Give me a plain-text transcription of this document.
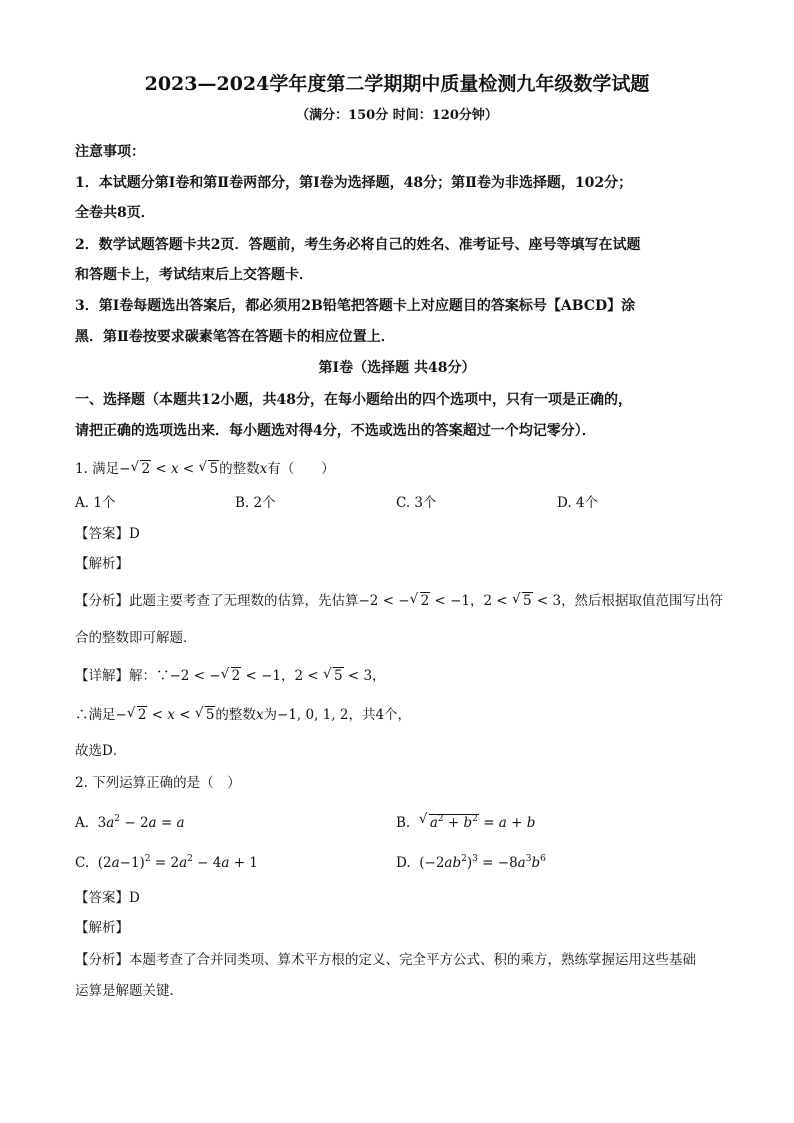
2023—2024学年度第二学期期中质量检测九年级数学试题
（满分：150分 时间：120分钟）
注意事项：
1．本试题分第Ⅰ卷和第Ⅱ卷两部分，第Ⅰ卷为选择题，48分；第Ⅱ卷为非选择题，102分；
全卷共8页．
2．数学试题答题卡共2页．答题前，考生务必将自己的姓名、准考证号、座号等填写在试题
和答题卡上，考试结束后上交答题卡．
3．第Ⅰ卷每题选出答案后，都必须用2B铅笔把答题卡上对应题目的答案标号【ABCD】涂
黑．第Ⅱ卷按要求碳素笔答在答题卡的相应位置上．
第Ⅰ卷（选择题 共48分）
一、选择题（本题共12小题，共48分，在每小题给出的四个选项中，只有一项是正确的，
请把正确的选项选出来．每小题选对得4分，不选或选出的答案超过一个均记零分）．
1. 满足− √ 2 < x < √ 5的整数x有（　　）
A. 1个	B. 2个	C. 3个	D. 4个
【答案】D
【解析】
【分析】此题主要考查了无理数的估算，先估算−2 < − √ 2 < −1，2 < √ 5 < 3，然后根据取值范围写出符
合的整数即可解题．
【详解】解：∵−2 < − √ 2 < −1，2 < √ 5 < 3，
∴满足− √ 2 < x < √ 5的整数x为−1, 0, 1, 2，共4个，
故选D．
2. 下列运算正确的是（　）
A. $3a^2 - 2a = a$	B. √ $a^2 + b^2 = a + b$
C. $(2a-1)^2 = 2a^2 - 4a + 1$	D. $(-2ab^2)^3 = -8a^3b^6$
【答案】D
【解析】
【分析】本题考查了合并同类项、算术平方根的定义、完全平方公式、积的乘方，熟练掌握运用这些基础
运算是解题关键．
